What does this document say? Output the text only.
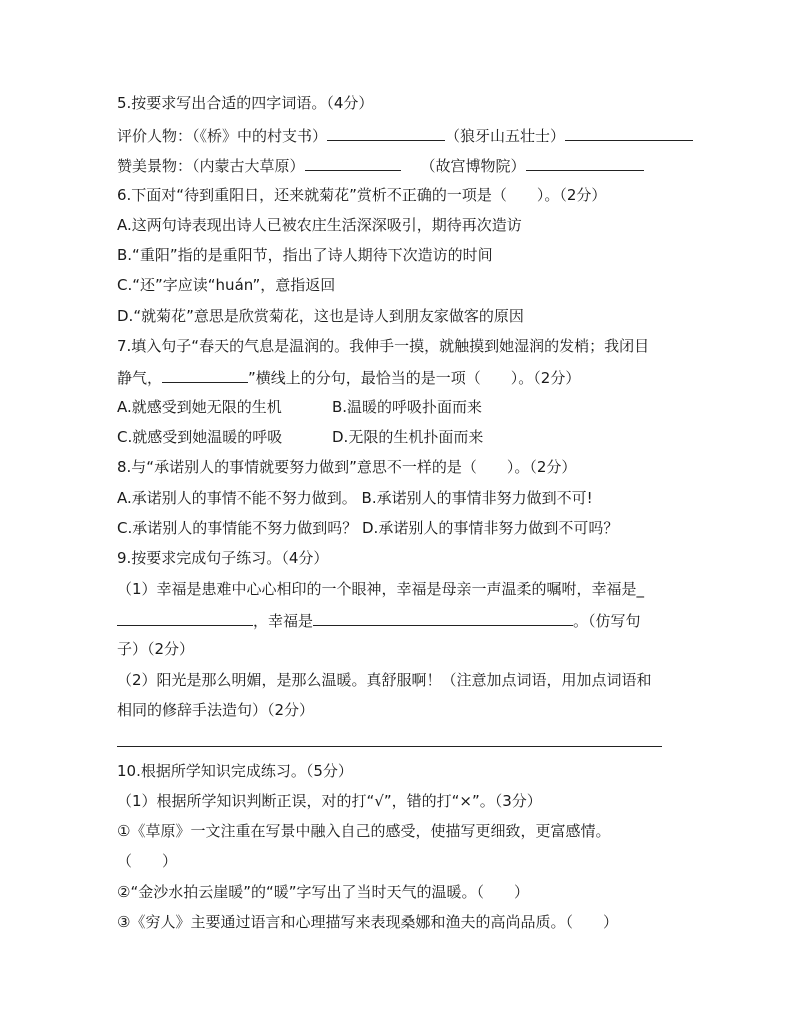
5.按要求写出合适的四字词语。（4分）
评价人物：（《桥》中的村支书）	（狼牙山五壮士）
赞美景物：（内蒙古大草原）	（故宫博物院）
6.下面对“待到重阳日，还来就菊花”赏析不正确的一项是（　　）。（2分）
A.这两句诗表现出诗人已被农庄生活深深吸引，期待再次造访
B.“重阳”指的是重阳节，指出了诗人期待下次造访的时间
C.“还”字应读“huán”，意指返回
D.“就菊花”意思是欣赏菊花，这也是诗人到朋友家做客的原因
7.填入句子“春天的气息是温润的。我伸手一摸，就触摸到她湿润的发梢；我闭目
静气，	”横线上的分句，最恰当的是一项（　　）。（2分）
A.就感受到她无限的生机	B.温暖的呼吸扑面而来
C.就感受到她温暖的呼吸	D.无限的生机扑面而来
8.与“承诺别人的事情就要努力做到”意思不一样的是（　　）。（2分）
A.承诺别人的事情不能不努力做到。 B.承诺别人的事情非努力做到不可!
C.承诺别人的事情能不努力做到吗？ D.承诺别人的事情非努力做到不可吗？
9.按要求完成句子练习。（4分）
（1）幸福是患难中心心相印的一个眼神，幸福是母亲一声温柔的嘱咐，幸福是_
，幸福是	。（仿写句
子）（2分）
（2）阳光是那么明媚，是那么温暖。真舒服啊！（注意加点词语，用加点词语和
相同的修辞手法造句）（2分）
10.根据所学知识完成练习。（5分）
（1）根据所学知识判断正误，对的打“√”，错的打“×”。（3分）
①《草原》一文注重在写景中融入自己的感受，使描写更细致，更富感情。
（　　）
②“金沙水拍云崖暖”的“暖”字写出了当时天气的温暖。（　　）
③《穷人》主要通过语言和心理描写来表现桑娜和渔夫的高尚品质。（　　）
